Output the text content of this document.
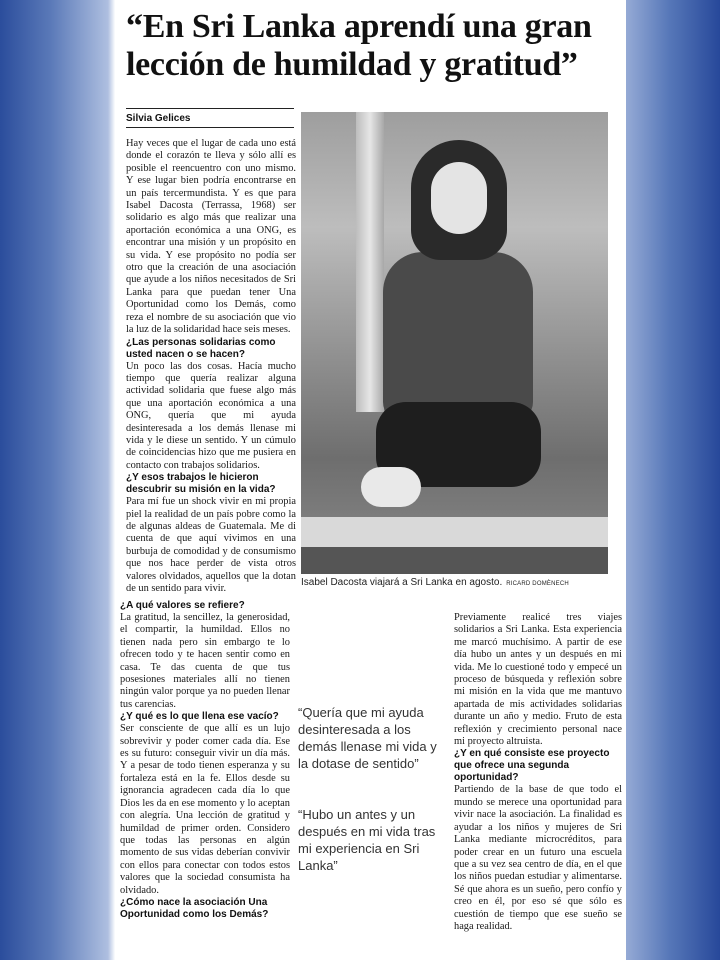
“En Sri Lanka aprendí una gran lección de humildad y gratitud”
Silvia Gelices

Hay veces que el lugar de cada uno está donde el corazón te lleva y sólo allí es posible el reencuentro con uno mismo. Y ese lugar bien podría encontrarse en un país tercermundista. Y es que para Isabel Dacosta (Terrassa, 1968) ser solidario es algo más que realizar una aportación económica a una ONG, es encontrar una misión y un propósito en su vida. Y ese propósito no podía ser otro que la creación de una asociación que ayude a los niños necesitados de Sri Lanka para que puedan tener Una Oportunidad como los Demás, como reza el nombre de su asociación que vio la luz de la solidaridad hace seis meses.

¿Las personas solidarias como usted nacen o se hacen?

Un poco las dos cosas. Hacía mucho tiempo que quería realizar alguna actividad solidaria que fuese algo más que una aportación económica a una ONG, quería que mi ayuda desinteresada a los demás llenase mi vida y le diese un sentido. Y un cúmulo de coincidencias hizo que me pusiera en contacto con trabajos solidarios.

¿Y esos trabajos le hicieron descubrir su misión en la vida?

Para mí fue un shock vivir en mi propia piel la realidad de un país pobre como la de algunas aldeas de Guatemala. Me di cuenta de que aquí vivimos en una burbuja de comodidad y de consumismo que nos hace perder de vista otros valores olvidados, aquellos que la dotan de un sentido para vivir.

Isabel Dacosta viajará a Sri Lanka en agosto. RICARD DOMÈNECH

¿A qué valores se refiere?

La gratitud, la sencillez, la generosidad, el compartir, la humildad. Ellos no tienen nada pero sin embargo te lo ofrecen todo y te hacen sentir como en casa. Te das cuenta de que tus posesiones materiales allí no tienen ningún valor porque ya no pueden llenar tus carencias.

¿Y qué es lo que llena ese vacío?

Ser consciente de que allí es un lujo sobrevivir y poder comer cada día. Ese es su futuro: conseguir vivir un día más. Y a pesar de todo tienen esperanza y su fortaleza está en la fe. Ellos desde su ignorancia agradecen cada día lo que Dios les da en ese momento y lo aceptan con alegría. Una lección de gratitud y humildad de primer orden. Considero que todas las personas en algún momento de sus vidas deberían convivir con ellos para conectar con todos estos valores que la sociedad consumista ha olvidado.

¿Cómo nace la asociación Una Oportunidad como los Demás?

“Quería que mi ayuda desinteresada a los demás llenase mi vida y la dotase de sentido”
“Hubo un antes y un después en mi vida tras mi experiencia en Sri Lanka”

Previamente realicé tres viajes solidarios a Sri Lanka. Esta experiencia me marcó muchísimo. A partir de ese día hubo un antes y un después en mi vida. Me lo cuestioné todo y empecé un proceso de búsqueda y reflexión sobre mi misión en la vida que me mantuvo apartada de mis actividades solidarias durante un año y medio. Fruto de esta reflexión y crecimiento personal nace mi proyecto altruista.

¿Y en qué consiste ese proyecto que ofrece una segunda oportunidad?

Partiendo de la base de que todo el mundo se merece una oportunidad para vivir nace la asociación. La finalidad es ayudar a los niños y mujeres de Sri Lanka mediante microcréditos, para poder crear en un futuro una escuela que a su vez sea centro de día, en el que los niños puedan estudiar y alimentarse. Sé que ahora es un sueño, pero confío y creo en él, por eso sé que sólo es cuestión de tiempo que ese sueño se haga realidad.
